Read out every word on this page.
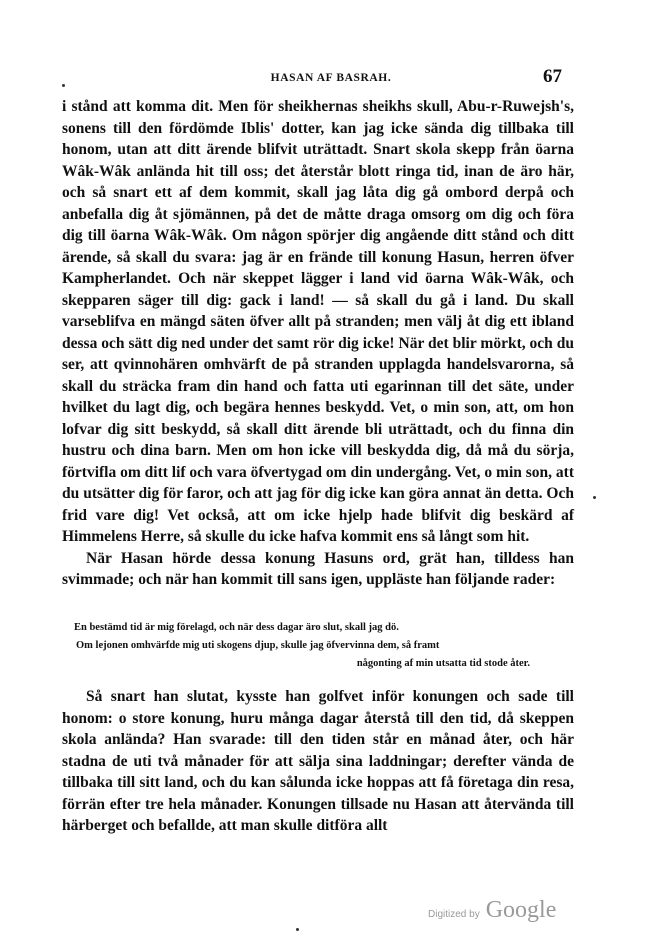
HASAN AF BASRAH.	67

i stånd att komma dit. Men för sheikhernas sheikhs skull, Abu-r-Ruwejsh's, sonens till den fördömde Iblis' dotter, kan jag icke sända dig tillbaka till honom, utan att ditt ärende blifvit uträttadt. Snart skola skepp från öarna Wâk-Wâk anlända hit till oss; det återstår blott ringa tid, inan de äro här, och så snart ett af dem kommit, skall jag låta dig gå ombord derpå och anbefalla dig åt sjömännen, på det de måtte draga omsorg om dig och föra dig till öarna Wâk-Wâk. Om någon spörjer dig angående ditt stånd och ditt ärende, så skall du svara: jag är en frände till konung Hasun, herren öfver Kampherlandet. Och när skeppet lägger i land vid öarna Wâk-Wâk, och skepparen säger till dig: gack i land! — så skall du gå i land. Du skall varseblifva en mängd säten öfver allt på stranden; men välj åt dig ett ibland dessa och sätt dig ned under det samt rör dig icke! När det blir mörkt, och du ser, att qvinnohären omhvärft de på stranden upplagda handelsvarorna, så skall du sträcka fram din hand och fatta uti egarinnan till det säte, under hvilket du lagt dig, och begära hennes beskydd. Vet, o min son, att, om hon lofvar dig sitt beskydd, så skall ditt ärende bli uträttadt, och du finna din hustru och dina barn. Men om hon icke vill beskydda dig, då må du sörja, förtvifla om ditt lif och vara öfvertygad om din undergång. Vet, o min son, att du utsätter dig för faror, och att jag för dig icke kan göra annat än detta. Och frid vare dig! Vet också, att om icke hjelp hade blifvit dig beskärd af Himmelens Herre, så skulle du icke hafva kommit ens så långt som hit.

När Hasan hörde dessa konung Hasuns ord, grät han, tilldess han svimmade; och när han kommit till sans igen, uppläste han följande rader:

En bestämd tid är mig förelagd, och när dess dagar äro slut, skall jag dö.
Om lejonen omhvärfde mig uti skogens djup, skulle jag öfvervinna dem, så framt
någonting af min utsatta tid stode åter.

Så snart han slutat, kysste han golfvet inför konungen och sade till honom: o store konung, huru många dagar återstå till den tid, då skeppen skola anlända? Han svarade: till den tiden står en månad åter, och här stadna de uti två månader för att sälja sina laddningar; derefter vända de tillbaka till sitt land, och du kan sålunda icke hoppas att få företaga din resa, förrän efter tre hela månader. Konungen tillsade nu Hasan att återvända till härberget och befallde, att man skulle ditföra allt

Digitized by Google
